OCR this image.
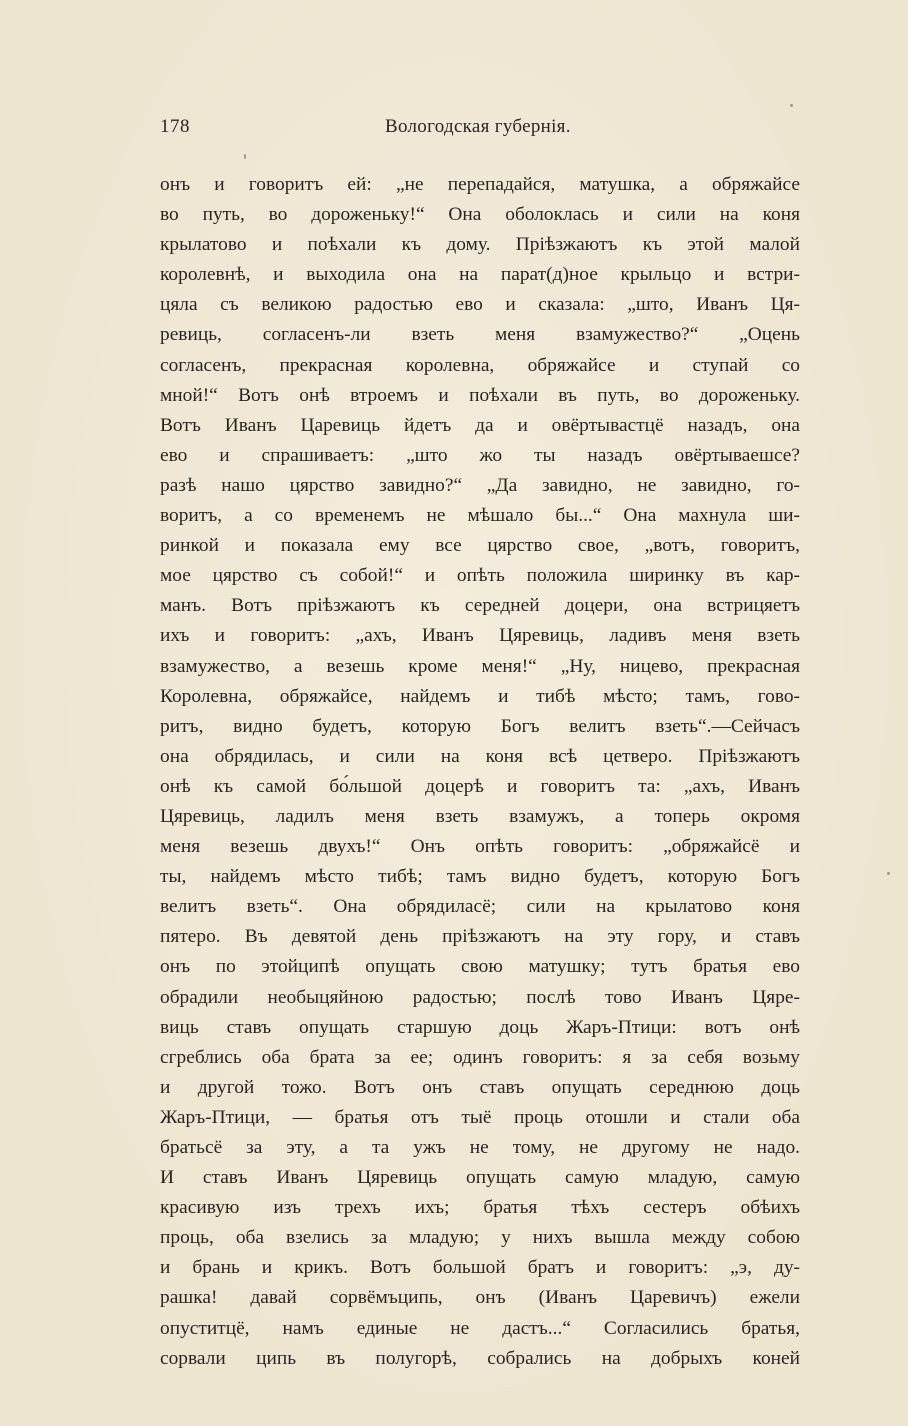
178	Вологодская губернія.
онъ и говоритъ ей: „не перепадайся, матушка, а обряжайсе
во путь, во дороженьку!“ Она оболоклась и сили на коня
крылатово и поѣхали къ дому. Пріѣзжаютъ къ этой малой
королевнѣ, и выходила она на парат(д)ное крыльцо и встри-
цяла съ великою радостью ево и сказала: „што, Иванъ Ця-
ревиць, согласенъ-ли взеть меня взамужество?“ „Оцень
согласенъ, прекрасная королевна, обряжайсе и ступай со
мной!“ Вотъ онѣ втроемъ и поѣхали въ путь, во дороженьку.
Вотъ Иванъ Царевиць йдетъ да и овёртывастцё назадъ, она
ево и спрашиваетъ: „што жо ты назадъ овёртываешсе?
разѣ нашо цярство завидно?“ „Да завидно, не завидно, го-
воритъ, а со временемъ не мѣшало бы...“ Она махнула ши-
ринкой и показала ему все цярство свое, „вотъ, говоритъ,
мое цярство съ собой!“ и опѣть положила ширинку въ кар-
манъ. Вотъ пріѣзжаютъ къ середней доцери, она встрицяетъ
ихъ и говоритъ: „ахъ, Иванъ Цяревиць, ладивъ меня взеть
взамужество, а везешь кроме меня!“ „Ну, ницево, прекрасная
Королевна, обряжайсе, найдемъ и тибѣ мѣсто; тамъ, гово-
ритъ, видно будетъ, которую Богъ велитъ взеть“.—Сейчасъ
она обрядилась, и сили на коня всѣ цетверо. Пріѣзжаютъ
онѣ къ самой бо́льшой доцерѣ и говоритъ та: „ахъ, Иванъ
Цяревиць, ладилъ меня взеть взамужъ, а топерь окромя
меня везешь двухъ!“ Онъ опѣть говоритъ: „обряжайсё и
ты, найдемъ мѣсто тибѣ; тамъ видно будетъ, которую Богъ
велитъ взеть“. Она обрядиласё; сили на крылатово коня
пятеро. Въ девятой день пріѣзжаютъ на эту гору, и ставъ
онъ по этойципѣ опущать свою матушку; тутъ братья ево
обрадили необыцяйною радостью; послѣ тово Иванъ Цяре-
виць ставъ опущать старшую доць Жаръ-Птици: вотъ онѣ
сгреблись оба брата за ее; одинъ говоритъ: я за себя возьму
и другой тожо. Вотъ онъ ставъ опущать середнюю доць
Жаръ-Птици, — братья отъ тыё проць отошли и стали оба
братьсё за эту, а та ужъ не тому, не другому не надо.
И ставъ Иванъ Цяревиць опущать самую младую, самую
красивую изъ трехъ ихъ; братья тѣхъ сестеръ обѣихъ
проць, оба взелись за младую; у нихъ вышла между собою
и брань и крикъ. Вотъ большой братъ и говоритъ: „э, ду-
рашка! давай сорвёмъципь, онъ (Иванъ Царевичъ) ежели
опуститцё, намъ единые не дастъ...“ Согласились братья,
сорвали ципь въ полугорѣ, собрались на добрыхъ коней
